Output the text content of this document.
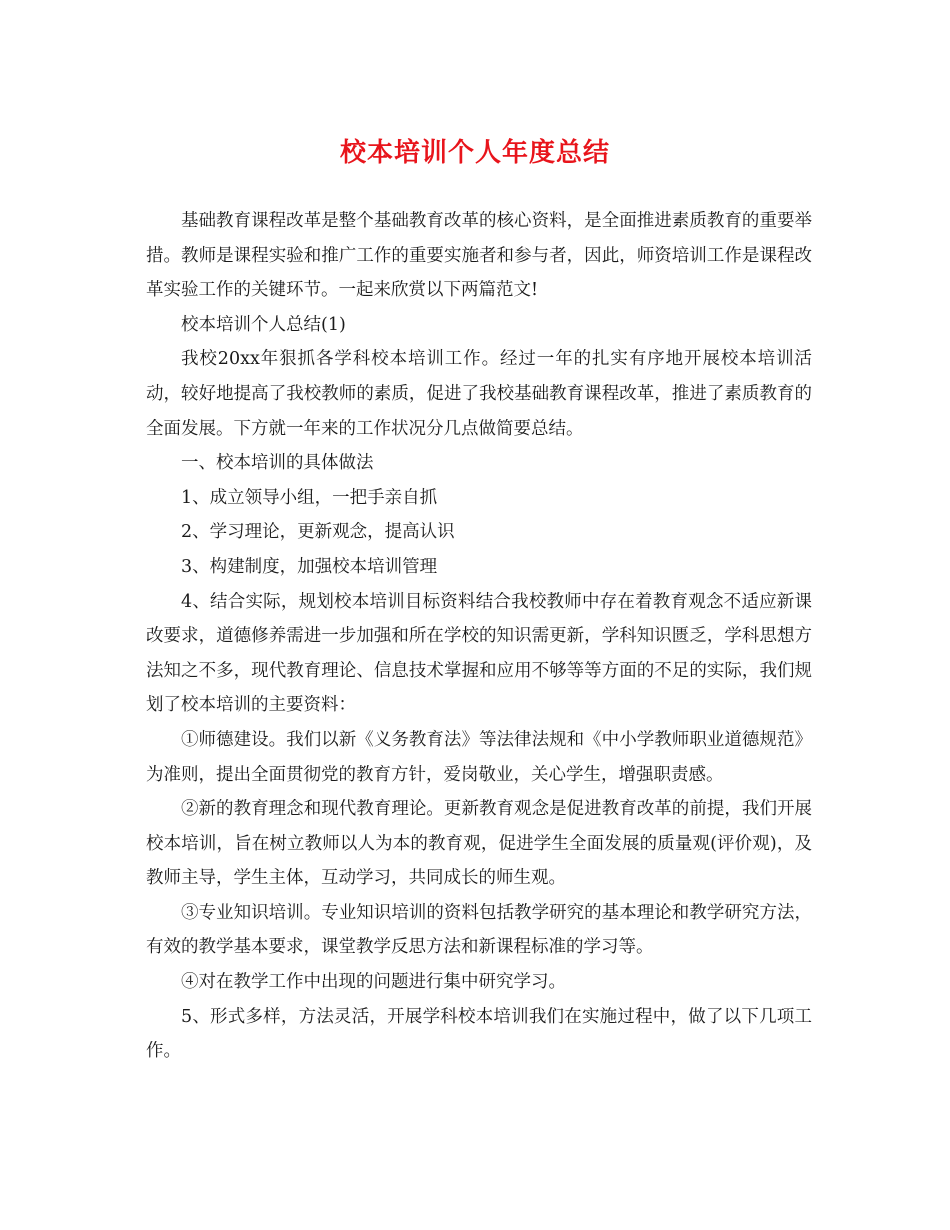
校本培训个人年度总结

基础教育课程改革是整个基础教育改革的核心资料，是全面推进素质教育的重要举措。教师是课程实验和推广工作的重要实施者和参与者，因此，师资培训工作是课程改革实验工作的关键环节。一起来欣赏以下两篇范文!

校本培训个人总结(1)

我校20xx年狠抓各学科校本培训工作。经过一年的扎实有序地开展校本培训活动，较好地提高了我校教师的素质，促进了我校基础教育课程改革，推进了素质教育的全面发展。下方就一年来的工作状况分几点做简要总结。

一、校本培训的具体做法

1、成立领导小组，一把手亲自抓

2、学习理论，更新观念，提高认识

3、构建制度，加强校本培训管理

4、结合实际，规划校本培训目标资料结合我校教师中存在着教育观念不适应新课改要求，道德修养需进一步加强和所在学校的知识需更新，学科知识匮乏，学科思想方法知之不多，现代教育理论、信息技术掌握和应用不够等等方面的不足的实际，我们规划了校本培训的主要资料：

①师德建设。我们以新《义务教育法》等法律法规和《中小学教师职业道德规范》为准则，提出全面贯彻党的教育方针，爱岗敬业，关心学生，增强职责感。

②新的教育理念和现代教育理论。更新教育观念是促进教育改革的前提，我们开展校本培训，旨在树立教师以人为本的教育观，促进学生全面发展的质量观(评价观)，及教师主导，学生主体，互动学习，共同成长的师生观。

③专业知识培训。专业知识培训的资料包括教学研究的基本理论和教学研究方法，有效的教学基本要求，课堂教学反思方法和新课程标准的学习等。

④对在教学工作中出现的问题进行集中研究学习。

5、形式多样，方法灵活，开展学科校本培训我们在实施过程中，做了以下几项工作。
